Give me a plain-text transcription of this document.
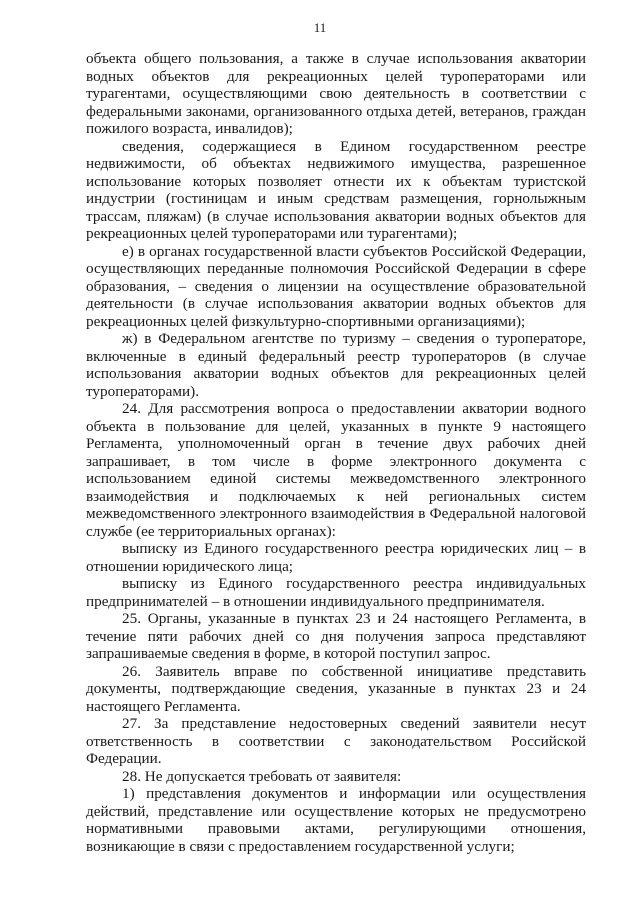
11

объекта общего пользования, а также в случае использования акватории водных объектов для рекреационных целей туроператорами или турагентами, осуществляющими свою деятельность в соответствии с федеральными законами, организованного отдыха детей, ветеранов, граждан пожилого возраста, инвалидов);

сведения, содержащиеся в Едином государственном реестре недвижимости, об объектах недвижимого имущества, разрешенное использование которых позволяет отнести их к объектам туристской индустрии (гостиницам и иным средствам размещения, горнолыжным трассам, пляжам) (в случае использования акватории водных объектов для рекреационных целей туроператорами или турагентами);

е) в органах государственной власти субъектов Российской Федерации, осуществляющих переданные полномочия Российской Федерации в сфере образования, – сведения о лицензии на осуществление образовательной деятельности (в случае использования акватории водных объектов для рекреационных целей физкультурно-спортивными организациями);

ж) в Федеральном агентстве по туризму – сведения о туроператоре, включенные в единый федеральный реестр туроператоров (в случае использования акватории водных объектов для рекреационных целей туроператорами).

24. Для рассмотрения вопроса о предоставлении акватории водного объекта в пользование для целей, указанных в пункте 9 настоящего Регламента, уполномоченный орган в течение двух рабочих дней запрашивает, в том числе в форме электронного документа с использованием единой системы межведомственного электронного взаимодействия и подключаемых к ней региональных систем межведомственного электронного взаимодействия в Федеральной налоговой службе (ее территориальных органах):

выписку из Единого государственного реестра юридических лиц – в отношении юридического лица;

выписку из Единого государственного реестра индивидуальных предпринимателей – в отношении индивидуального предпринимателя.

25. Органы, указанные в пунктах 23 и 24 настоящего Регламента, в течение пяти рабочих дней со дня получения запроса представляют запрашиваемые сведения в форме, в которой поступил запрос.

26. Заявитель вправе по собственной инициативе представить документы, подтверждающие сведения, указанные в пунктах 23 и 24 настоящего Регламента.

27. За представление недостоверных сведений заявители несут ответственность в соответствии с законодательством Российской Федерации.

28. Не допускается требовать от заявителя:

1) представления документов и информации или осуществления действий, представление или осуществление которых не предусмотрено нормативными правовыми актами, регулирующими отношения, возникающие в связи с предоставлением государственной услуги;
